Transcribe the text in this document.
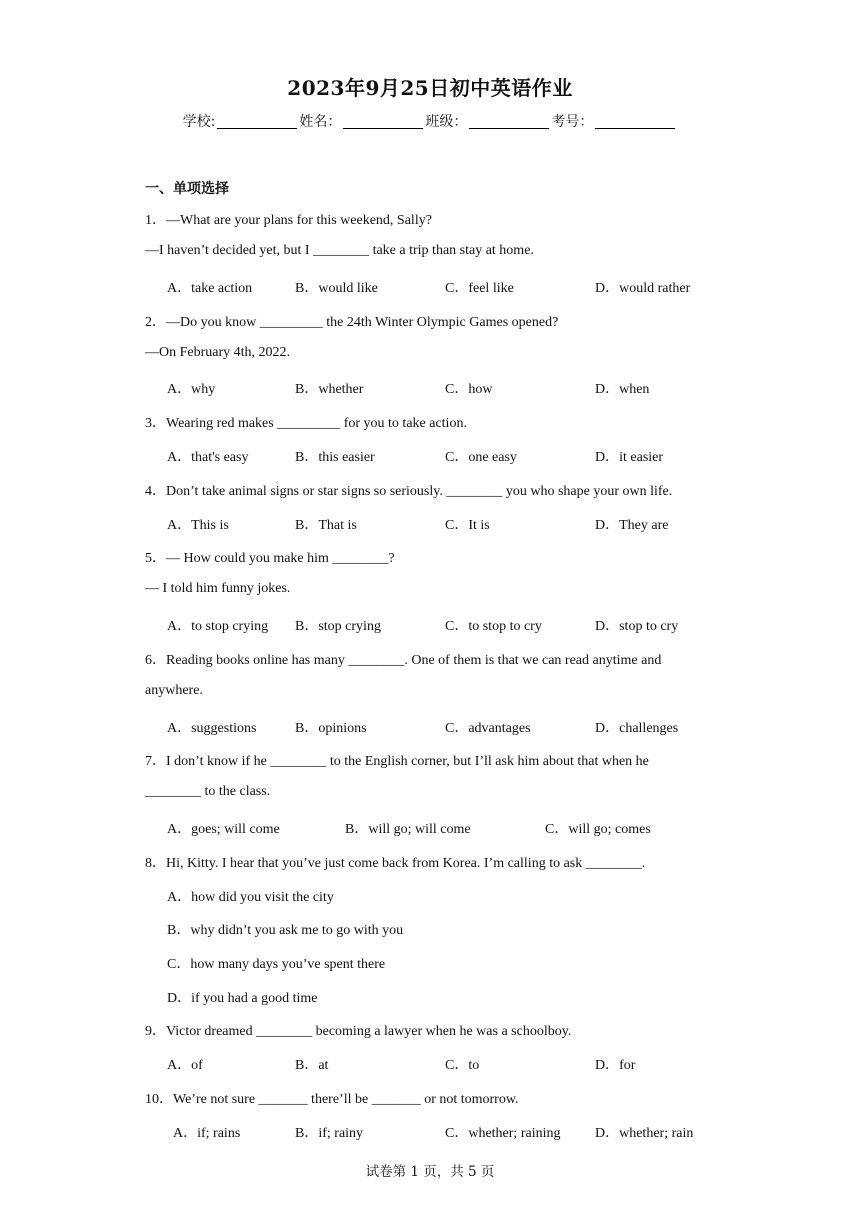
2023年9月25日初中英语作业
学校:	姓名：	班级：	考号：
一、单项选择
1．—What are your plans for this weekend, Sally?
—I haven’t decided yet, but I ________ take a trip than stay at home.
A．take action	B．would like	C．feel like	D．would rather
2．—Do you know _________ the 24th Winter Olympic Games opened?
—On February 4th, 2022.
A．why	B．whether	C．how	D．when
3．Wearing red makes _________ for you to take action.
A．that's easy	B．this easier	C．one easy	D．it easier
4．Don’t take animal signs or star signs so seriously. ________ you who shape your own life.
A．This is	B．That is	C．It is	D．They are
5．— How could you make him ________?
— I told him funny jokes.
A．to stop crying B．stop crying	C．to stop to cry	D．stop to cry
6．Reading books online has many ________. One of them is that we can read anytime and
anywhere.
A．suggestions	B．opinions	C．advantages	D．challenges
7．I don’t know if he ________ to the English corner, but I’ll ask him about that when he
________ to the class.
A．goes; will come	B．will go; will come	C．will go; comes
8．Hi, Kitty. I hear that you’ve just come back from Korea. I’m calling to ask ________.
A．how did you visit the city
B．why didn’t you ask me to go with you
C．how many days you’ve spent there
D．if you had a good time
9．Victor dreamed ________ becoming a lawyer when he was a schoolboy.
A．of	B．at	C．to	D．for
10．We’re not sure _______ there’ll be _______ or not tomorrow.
A．if; rains	B．if; rainy	C．whether; raining D．whether; rain
试卷第 1 页，共 5 页
